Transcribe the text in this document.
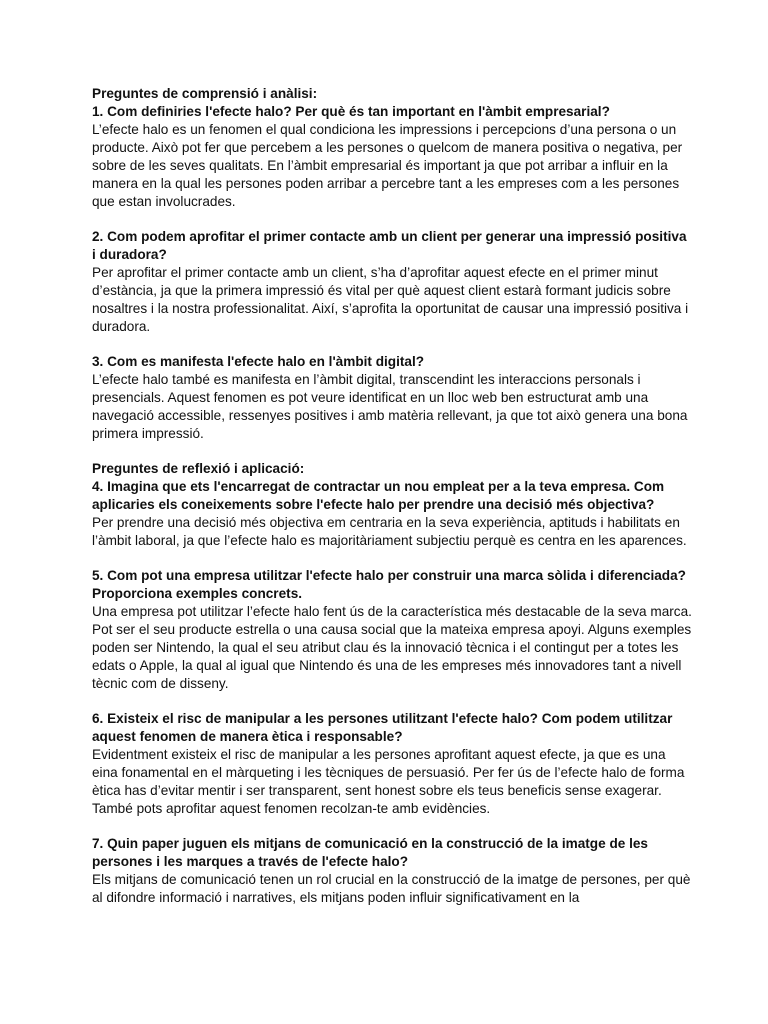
Preguntes de comprensió i anàlisi:

1. Com definiries l'efecte halo? Per què és tan important en l'àmbit empresarial?

L’efecte halo es un fenomen el qual condiciona les impressions i percepcions d’una persona o un producte. Això pot fer que percebem a les persones o quelcom de manera positiva o negativa, per sobre de les seves qualitats. En l’àmbit empresarial és important ja que pot arribar a influir en la manera en la qual les persones poden arribar a percebre tant a les empreses com a les persones que estan involucrades.

2. Com podem aprofitar el primer contacte amb un client per generar una impressió positiva i duradora?

Per aprofitar el primer contacte amb un client, s’ha d’aprofitar aquest efecte en el primer minut d’estància, ja que la primera impressió és vital per què aquest client estarà formant judicis sobre nosaltres i la nostra professionalitat. Així, s’aprofita la oportunitat de causar una impressió positiva i duradora.

3. Com es manifesta l'efecte halo en l'àmbit digital?

L’efecte halo també es manifesta en l’àmbit digital, transcendint les interaccions personals i presencials. Aquest fenomen es pot veure identificat en un lloc web ben estructurat amb una navegació accessible, ressenyes positives i amb matèria rellevant, ja que tot això genera una bona primera impressió.

Preguntes de reflexió i aplicació:

4. Imagina que ets l'encarregat de contractar un nou empleat per a la teva empresa. Com aplicaries els coneixements sobre l'efecte halo per prendre una decisió més objectiva?

Per prendre una decisió més objectiva em centraria en la seva experiència, aptituds i habilitats en l’àmbit laboral, ja que l’efecte halo es majoritàriament subjectiu perquè es centra en les aparences.

5. Com pot una empresa utilitzar l'efecte halo per construir una marca sòlida i diferenciada? Proporciona exemples concrets.

Una empresa pot utilitzar l’efecte halo fent ús de la característica més destacable de la seva marca. Pot ser el seu producte estrella o una causa social que la mateixa empresa apoyi. Alguns exemples poden ser Nintendo, la qual el seu atribut clau és la innovació tècnica i el contingut per a totes les edats o Apple, la qual al igual que Nintendo és una de les empreses més innovadores tant a nivell tècnic com de disseny.

6. Existeix el risc de manipular a les persones utilitzant l'efecte halo? Com podem utilitzar aquest fenomen de manera ètica i responsable?

Evidentment existeix el risc de manipular a les persones aprofitant aquest efecte, ja que es una eina fonamental en el màrqueting i les tècniques de persuasió. Per fer ús de l’efecte halo de forma ètica has d’evitar mentir i ser transparent, sent honest sobre els teus beneficis sense exagerar. També pots aprofitar aquest fenomen recolzan-te amb evidències.

7. Quin paper juguen els mitjans de comunicació en la construcció de la imatge de les persones i les marques a través de l'efecte halo?

Els mitjans de comunicació tenen un rol crucial en la construcció de la imatge de persones, per què al difondre informació i narratives, els mitjans poden influir significativament en la
